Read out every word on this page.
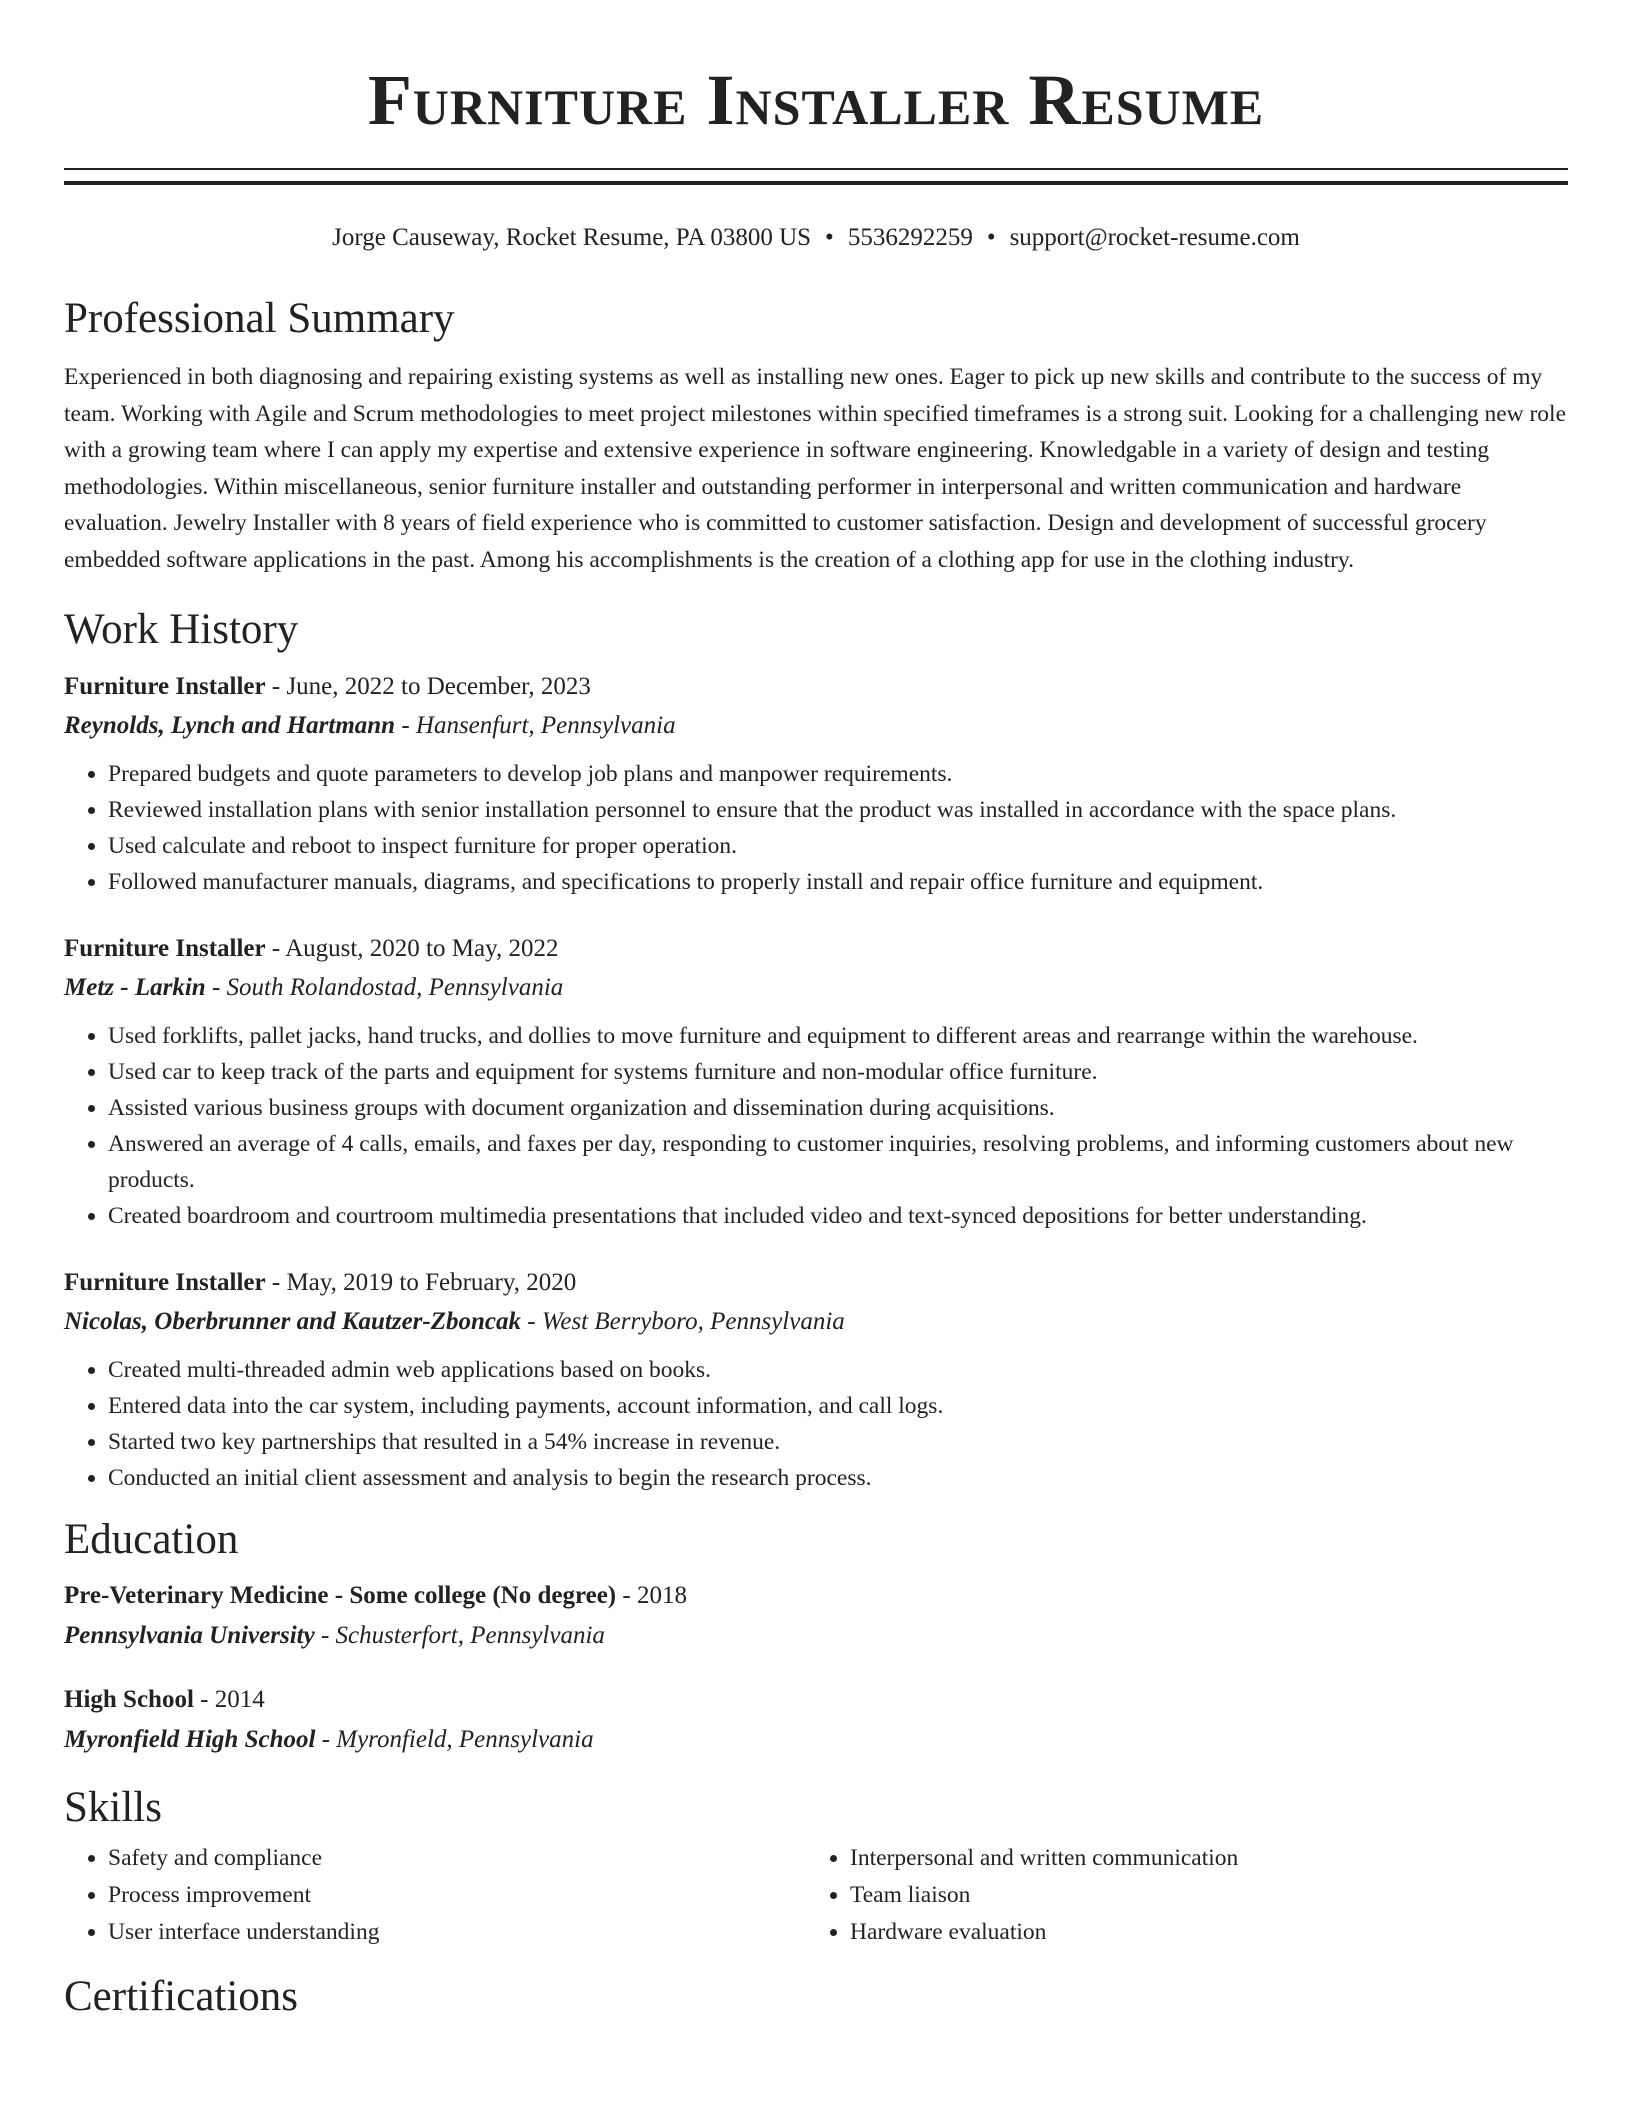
Furniture Installer Resume
Jorge Causeway, Rocket Resume, PA 03800 US • 5536292259 • support@rocket-resume.com
Professional Summary

Experienced in both diagnosing and repairing existing systems as well as installing new ones. Eager to pick up new skills and contribute to the success of my team. Working with Agile and Scrum methodologies to meet project milestones within specified timeframes is a strong suit. Looking for a challenging new role with a growing team where I can apply my expertise and extensive experience in software engineering. Knowledgable in a variety of design and testing methodologies. Within miscellaneous, senior furniture installer and outstanding performer in interpersonal and written communication and hardware evaluation. Jewelry Installer with 8 years of field experience who is committed to customer satisfaction. Design and development of successful grocery embedded software applications in the past. Among his accomplishments is the creation of a clothing app for use in the clothing industry.

Work History
Furniture Installer - June, 2022 to December, 2023
Reynolds, Lynch and Hartmann - Hansenfurt, Pennsylvania
• Prepared budgets and quote parameters to develop job plans and manpower requirements.
• Reviewed installation plans with senior installation personnel to ensure that the product was installed in accordance with the space plans.
• Used calculate and reboot to inspect furniture for proper operation.
• Followed manufacturer manuals, diagrams, and specifications to properly install and repair office furniture and equipment.
Furniture Installer - August, 2020 to May, 2022
Metz - Larkin - South Rolandostad, Pennsylvania
• Used forklifts, pallet jacks, hand trucks, and dollies to move furniture and equipment to different areas and rearrange within the warehouse.
• Used car to keep track of the parts and equipment for systems furniture and non-modular office furniture.
• Assisted various business groups with document organization and dissemination during acquisitions.
• Answered an average of 4 calls, emails, and faxes per day, responding to customer inquiries, resolving problems, and informing customers about new products.
• Created boardroom and courtroom multimedia presentations that included video and text-synced depositions for better understanding.
Furniture Installer - May, 2019 to February, 2020
Nicolas, Oberbrunner and Kautzer-Zboncak - West Berryboro, Pennsylvania
• Created multi-threaded admin web applications based on books.
• Entered data into the car system, including payments, account information, and call logs.
• Started two key partnerships that resulted in a 54% increase in revenue.
• Conducted an initial client assessment and analysis to begin the research process.
Education
Pre-Veterinary Medicine - Some college (No degree) - 2018
Pennsylvania University - Schusterfort, Pennsylvania
High School - 2014
Myronfield High School - Myronfield, Pennsylvania
Skills
• Safety and compliance
• Process improvement
• User interface understanding
• Interpersonal and written communication
• Team liaison
• Hardware evaluation
Certifications
